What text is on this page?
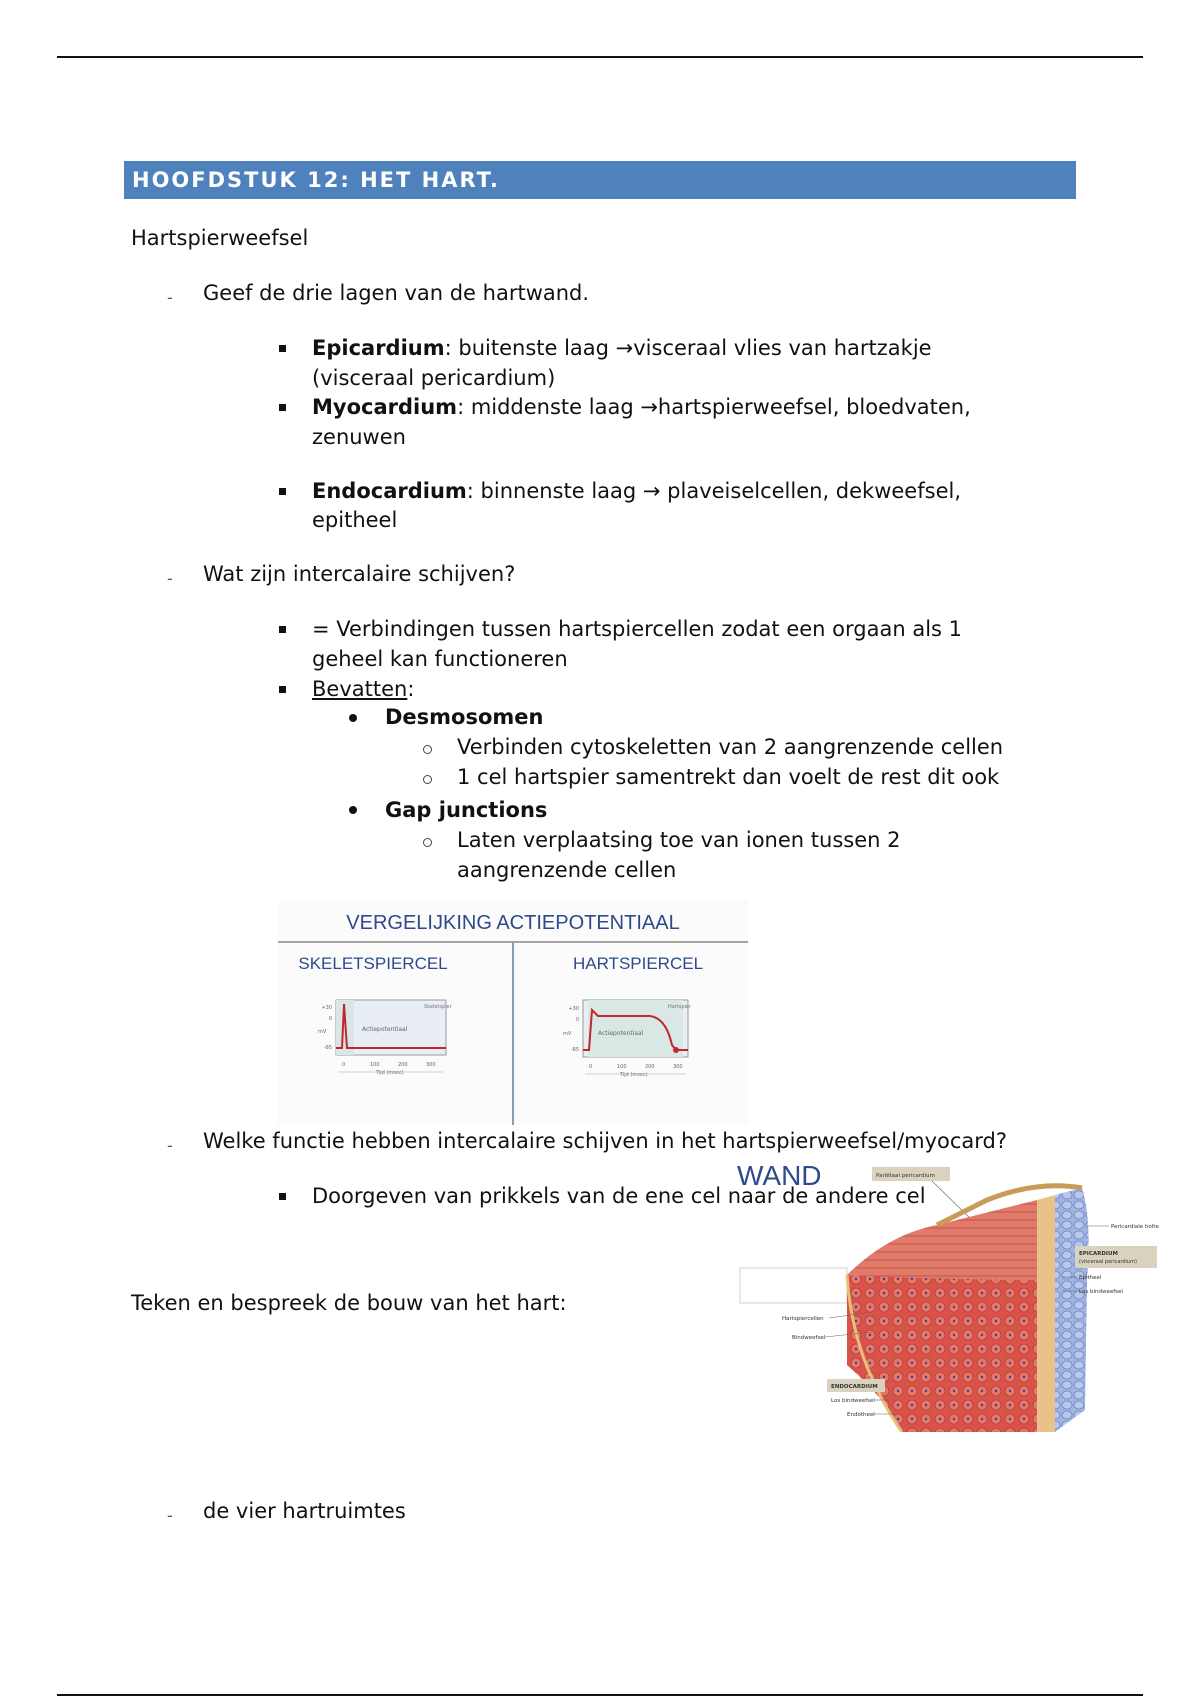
HOOFDSTUK 12: HET HART.
Hartspierweefsel
- Geef de drie lagen van de hartwand.
Epicardium: buitenste laag →visceraal vlies van hartzakje
(visceraal pericardium)
Myocardium: middenste laag →hartspierweefsel, bloedvaten,
zenuwen
Endocardium: binnenste laag → plaveiselcellen, dekweefsel,
epitheel
- Wat zijn intercalaire schijven?
= Verbindingen tussen hartspiercellen zodat een orgaan als 1
geheel kan functioneren
Bevatten:
Desmosomen
Verbinden cytoskeletten van 2 aangrenzende cellen
1 cel hartspier samentrekt dan voelt de rest dit ook
Gap junctions
Laten verplaatsing toe van ionen tussen 2
aangrenzende cellen
VERGELIJKING ACTIEPOTENTIAAL
SKELETSPIERCEL	HARTSPIERCEL
+30
0
-85
mV
Skeletspier
Actiepotentiaal
0	100	200	300
Tijd (msec)
+30
0
-85
mV
Hartspier
Actiepotentiaal
0	100	200	300
Tijd (msec)
- Welke functie hebben intercalaire schijven in het hartspierweefsel/myocard?
Doorgeven van prikkels van de ene cel naar de andere cel
WAND	Pariëtaal pericardium
Pericardiale holte
EPICARDIUM
(visceraal pericardium)
Epitheel
Los bindweefsel
Hartspiercellen
Bindweefsel
ENDOCARDIUM
Los bindweefsel
Endotheel
Teken en bespreek de bouw van het hart:
- de vier hartruimtes
